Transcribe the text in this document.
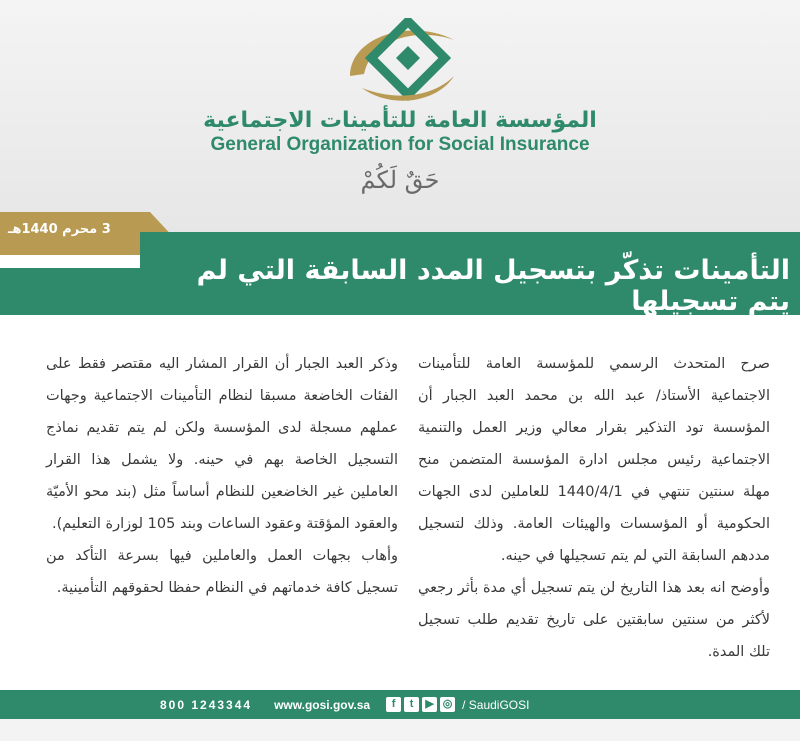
المؤسسة العامة للتأمينات الاجتماعية
General Organization for Social Insurance
حَقٌ لَكُمْ
3 محرم 1440هـ
التأمينات تذكّر بتسجيل المدد السابقة التي لم يتم تسجيلها

صرح المتحدث الرسمي للمؤسسة العامة للتأمينات الاجتماعية الأستاذ/ عبد الله بن محمد العبد الجبار أن المؤسسة تود التذكير بقرار معالي وزير العمل والتنمية الاجتماعية رئيس مجلس ادارة المؤسسة المتضمن منح مهلة سنتين تنتهي في 1440/4/1 للعاملين لدى الجهات الحكومية أو المؤسسات والهيئات العامة. وذلك لتسجيل مددهم السابقة التي لم يتم تسجيلها في حينه.

وأوضح انه بعد هذا التاريخ لن يتم تسجيل أي مدة بأثر رجعي لأكثر من سنتين سابقتين على تاريخ تقديم طلب تسجيل تلك المدة.

وذكر العبد الجبار أن القرار المشار اليه مقتصر فقط على الفئات الخاضعة مسبقا لنظام التأمينات الاجتماعية وجهات عملهم مسجلة لدى المؤسسة ولكن لم يتم تقديم نماذج التسجيل الخاصة بهم في حينه. ولا يشمل هذا القرار العاملين غير الخاضعين للنظام أساساً مثل (بند محو الأميّة والعقود المؤقتة وعقود الساعات وبند 105 لوزارة التعليم).

وأهاب بجهات العمل والعاملين فيها بسرعة التأكد من تسجيل كافة خدماتهم في النظام حفظا لحقوقهم التأمينية.

800 1243344 www.gosi.gov.sa	f	t	▶ ◎ / SaudiGOSI
